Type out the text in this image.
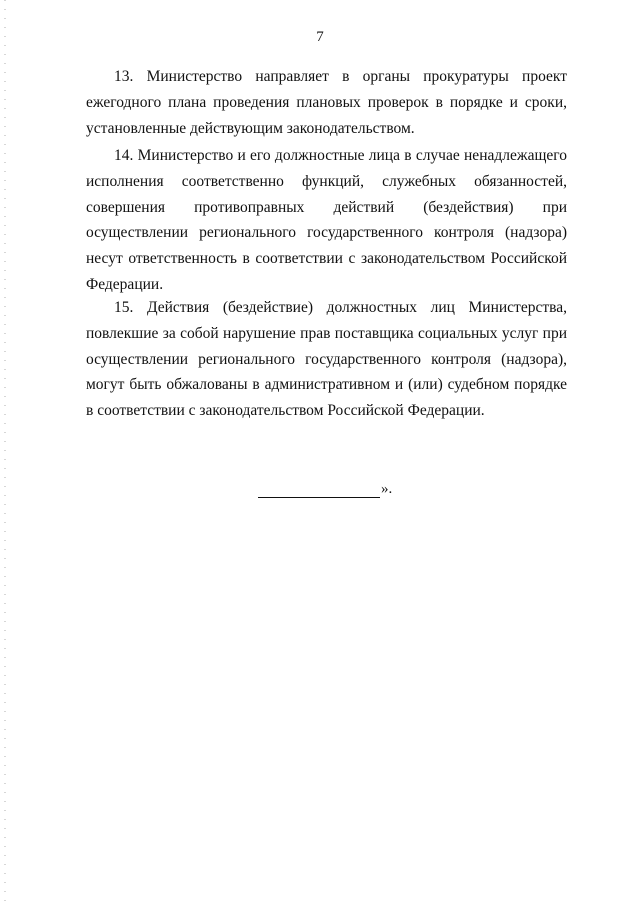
7

13. Министерство направляет в органы прокуратуры проект ежегодного плана проведения плановых проверок в порядке и сроки, установленные действующим законодательством.

14. Министерство и его должностные лица в случае ненадлежащего исполнения соответственно функций, служебных обязанностей, совершения противоправных действий (бездействия) при осуществлении регионального государственного контроля (надзора) несут ответственность в соответствии с законодательством Российской Федерации.

15. Действия (бездействие) должностных лиц Министерства, повлекшие за собой нарушение прав поставщика социальных услуг при осуществлении регионального государственного контроля (надзора), могут быть обжалованы в административном и (или) судебном порядке в соответствии с законодательством Российской Федерации.

».
